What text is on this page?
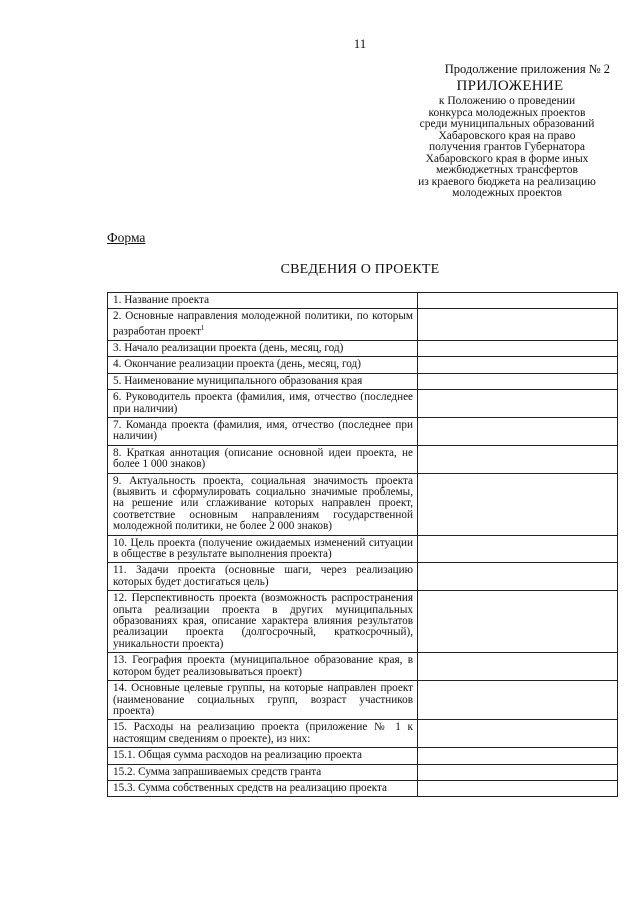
11
Продолжение приложения № 2
ПРИЛОЖЕНИЕ
к Положению о проведении
конкурса молодежных проектов
среди муниципальных образований
Хабаровского края на право
получения грантов Губернатора
Хабаровского края в форме иных
межбюджетных трансфертов
из краевого бюджета на реализацию
молодежных проектов
Форма
СВЕДЕНИЯ О ПРОЕКТЕ
1. Название проекта	
2. Основные направления молодежной политики, по которым разработан проект$^1$	
3. Начало реализации проекта (день, месяц, год)	
4. Окончание реализации проекта (день, месяц, год)	
5. Наименование муниципального образования края	
6. Руководитель проекта (фамилия, имя, отчество (последнее при наличии)	
7. Команда проекта (фамилия, имя, отчество (последнее при наличии)	
8. Краткая аннотация (описание основной идеи проекта, не более 1 000 знаков)	
9. Актуальность проекта, социальная значимость проекта (выявить и сформулировать социально значимые проблемы, на решение или сглаживание которых направлен проект, соответствие основным направлениям государственной молодежной политики, не более 2 000 знаков)	
10. Цель проекта (получение ожидаемых изменений ситуации в обществе в результате выполнения проекта)	
11. Задачи проекта (основные шаги, через реализацию которых будет достигаться цель)	
12. Перспективность проекта (возможность распространения опыта реализации проекта в других муниципальных образованиях края, описание характера влияния результатов реализации проекта (долгосрочный, краткосрочный), уникальности проекта)	
13. География проекта (муниципальное образование края, в котором будет реализовываться проект)	
14. Основные целевые группы, на которые направлен проект (наименование социальных групп, возраст участников проекта)	
15. Расходы на реализацию проекта (приложение № 1 к настоящим сведениям о проекте), из них:	
15.1. Общая сумма расходов на реализацию проекта	
15.2. Сумма запрашиваемых средств гранта	
15.3. Сумма собственных средств на реализацию проекта	
